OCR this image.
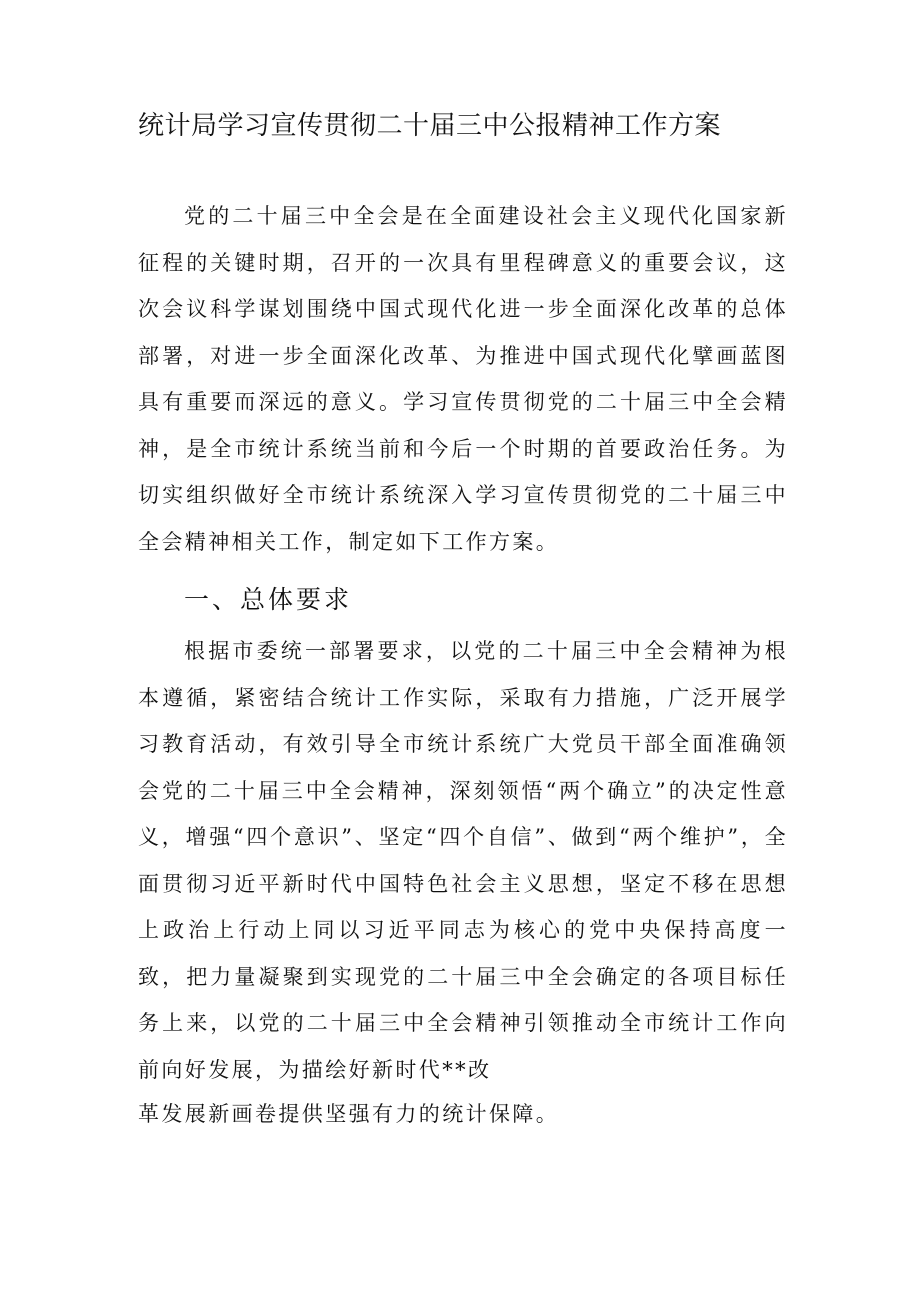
统计局学习宣传贯彻二十届三中公报精神工作方案

党的二十届三中全会是在全面建设社会主义现代化国家新征程的关键时期，召开的一次具有里程碑意义的重要会议，这次会议科学谋划围绕中国式现代化进一步全面深化改革的总体部署，对进一步全面深化改革、为推进中国式现代化擘画蓝图具有重要而深远的意义。学习宣传贯彻党的二十届三中全会精神，是全市统计系统当前和今后一个时期的首要政治任务。为切实组织做好全市统计系统深入学习宣传贯彻党的二十届三中全会精神相关工作，制定如下工作方案。

一、总体要求

根据市委统一部署要求，以党的二十届三中全会精神为根本遵循，紧密结合统计工作实际，采取有力措施，广泛开展学习教育活动，有效引导全市统计系统广大党员干部全面准确领会党的二十届三中全会精神，深刻领悟“两个确立”的决定性意义，增强“四个意识”、坚定“四个自信”、做到“两个维护”，全面贯彻习近平新时代中国特色社会主义思想，坚定不移在思想上政治上行动上同以习近平同志为核心的党中央保持高度一致，把力量凝聚到实现党的二十届三中全会确定的各项目标任务上来，以党的二十届三中全会精神引领推动全市统计工作向前向好发展，为描绘好新时代**改

革发展新画卷提供坚强有力的统计保障。
